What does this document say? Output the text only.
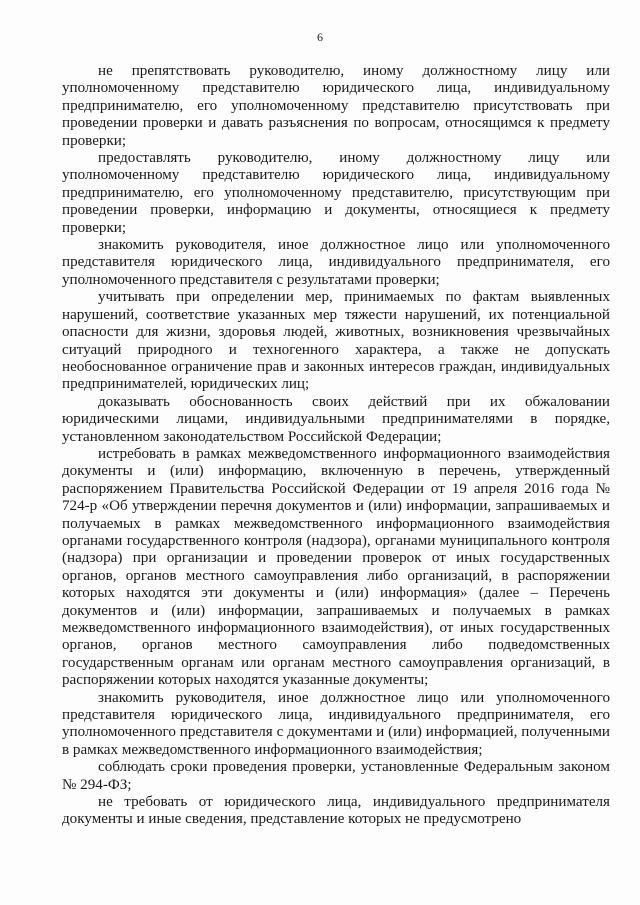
6

не препятствовать руководителю, иному должностному лицу или уполномоченному представителю юридического лица, индивидуальному предпринимателю, его уполномоченному представителю присутствовать при проведении проверки и давать разъяснения по вопросам, относящимся к предмету проверки;

предоставлять руководителю, иному должностному лицу или уполномоченному представителю юридического лица, индивидуальному предпринимателю, его уполномоченному представителю, присутствующим при проведении проверки, информацию и документы, относящиеся к предмету проверки;

знакомить руководителя, иное должностное лицо или уполномоченного представителя юридического лица, индивидуального предпринимателя, его уполномоченного представителя с результатами проверки;

учитывать при определении мер, принимаемых по фактам выявленных нарушений, соответствие указанных мер тяжести нарушений, их потенциальной опасности для жизни, здоровья людей, животных, возникновения чрезвычайных ситуаций природного и техногенного характера, а также не допускать необоснованное ограничение прав и законных интересов граждан, индивидуальных предпринимателей, юридических лиц;

доказывать обоснованность своих действий при их обжаловании юридическими лицами, индивидуальными предпринимателями в порядке, установленном законодательством Российской Федерации;

истребовать в рамках межведомственного информационного взаимодействия документы и (или) информацию, включенную в перечень, утвержденный распоряжением Правительства Российской Федерации от 19 апреля 2016 года № 724-р «Об утверждении перечня документов и (или) информации, запрашиваемых и получаемых в рамках межведомственного информационного взаимодействия органами государственного контроля (надзора), органами муниципального контроля (надзора) при организации и проведении проверок от иных государственных органов, органов местного самоуправления либо организаций, в распоряжении которых находятся эти документы и (или) информация» (далее – Перечень документов и (или) информации, запрашиваемых и получаемых в рамках межведомственного информационного взаимодействия), от иных государственных органов, органов местного самоуправления либо подведомственных государственным органам или органам местного самоуправления организаций, в распоряжении которых находятся указанные документы;

знакомить руководителя, иное должностное лицо или уполномоченного представителя юридического лица, индивидуального предпринимателя, его уполномоченного представителя с документами и (или) информацией, полученными в рамках межведомственного информационного взаимодействия;

соблюдать сроки проведения проверки, установленные Федеральным законом № 294-ФЗ;

не требовать от юридического лица, индивидуального предпринимателя документы и иные сведения, представление которых не предусмотрено
